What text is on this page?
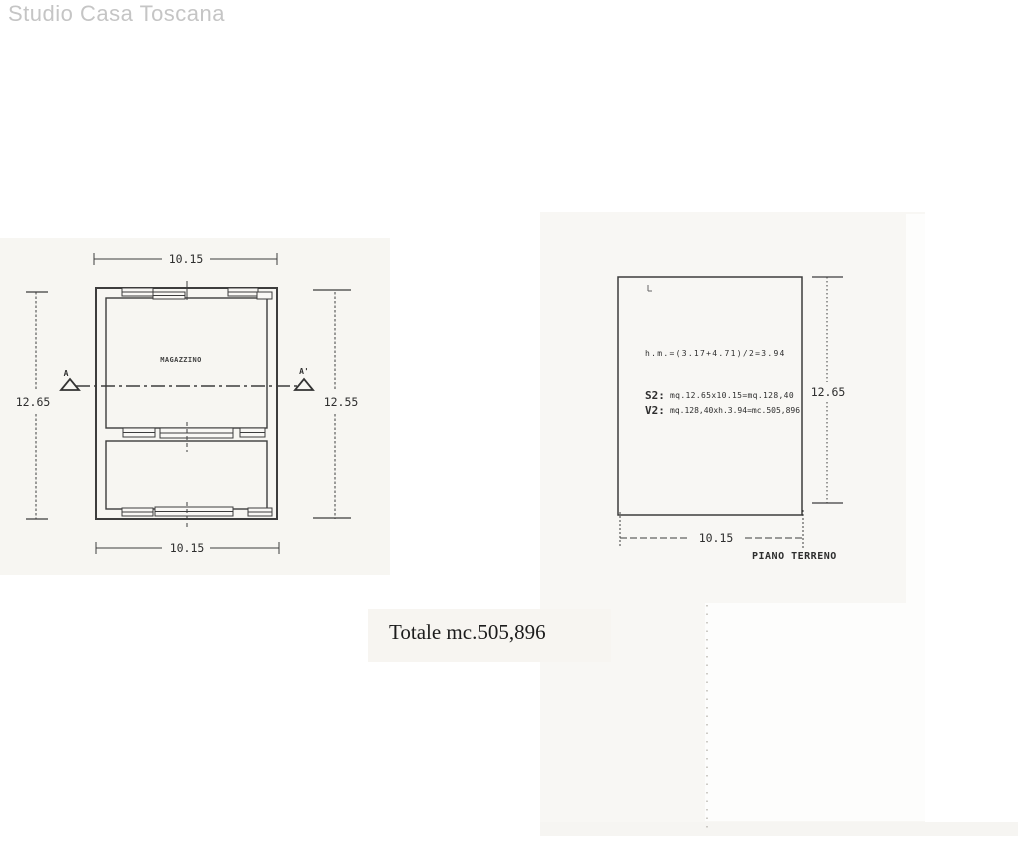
Studio Casa Toscana
10.15
A	A'
MAGAZZINO
12.65	12.55
10.15
h.m.=(3.17+4.71)/2=3.94
S2: mq.12.65x10.15=mq.128,40
V2: mq.128,40xh.3.94=mc.505,896
12.65
10.15
PIANO TERRENO
Totale mc.505,896
